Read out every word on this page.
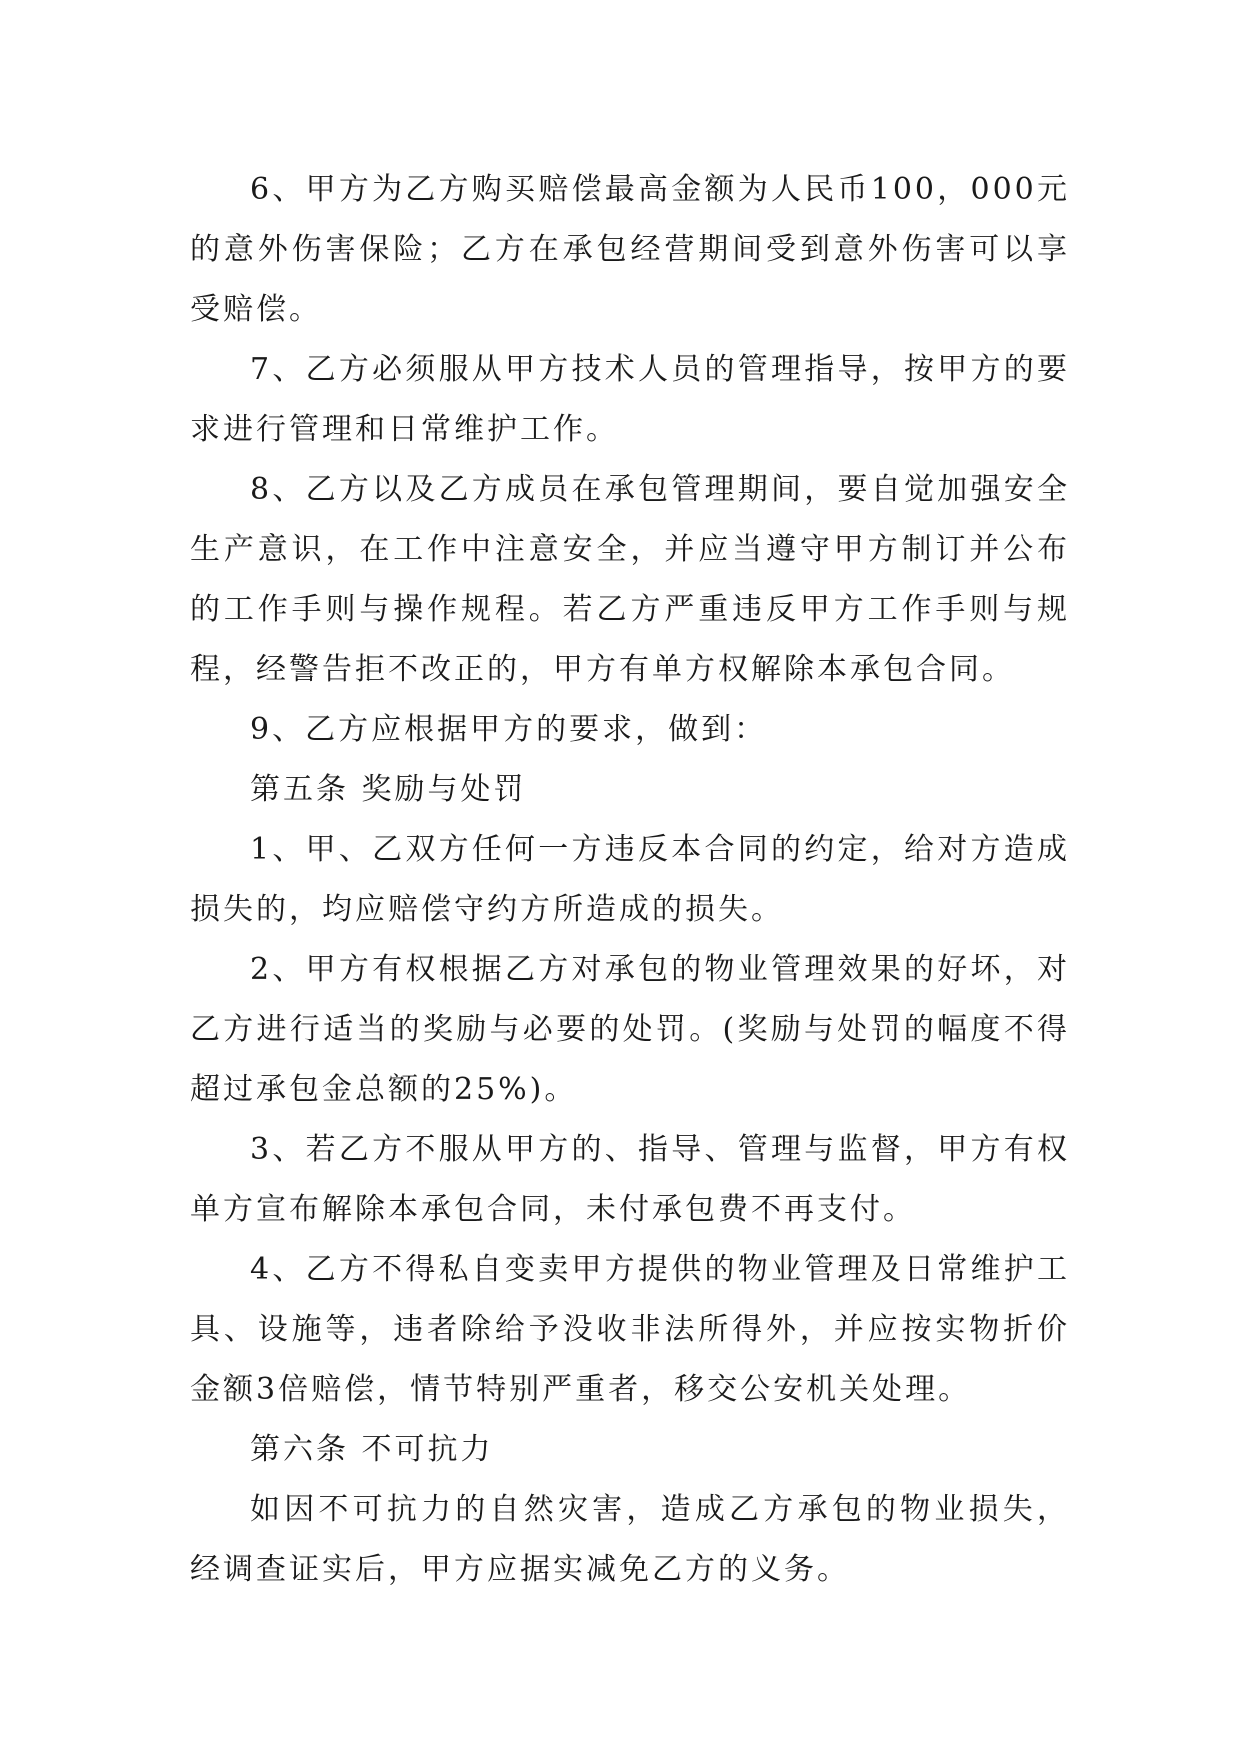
6、甲方为乙方购买赔偿最高金额为人民币100，000元的意外伤害保险；乙方在承包经营期间受到意外伤害可以享受赔偿。

7、乙方必须服从甲方技术人员的管理指导，按甲方的要求进行管理和日常维护工作。

8、乙方以及乙方成员在承包管理期间，要自觉加强安全生产意识，在工作中注意安全，并应当遵守甲方制订并公布的工作手则与操作规程。若乙方严重违反甲方工作手则与规程，经警告拒不改正的，甲方有单方权解除本承包合同。

9、乙方应根据甲方的要求，做到：

第五条 奖励与处罚

1、甲、乙双方任何一方违反本合同的约定，给对方造成损失的，均应赔偿守约方所造成的损失。

2、甲方有权根据乙方对承包的物业管理效果的好坏，对乙方进行适当的奖励与必要的处罚。(奖励与处罚的幅度不得超过承包金总额的25%)。

3、若乙方不服从甲方的、指导、管理与监督，甲方有权单方宣布解除本承包合同，未付承包费不再支付。

4、乙方不得私自变卖甲方提供的物业管理及日常维护工具、设施等，违者除给予没收非法所得外，并应按实物折价金额3倍赔偿，情节特别严重者，移交公安机关处理。

第六条 不可抗力

如因不可抗力的自然灾害，造成乙方承包的物业损失，经调查证实后，甲方应据实减免乙方的义务。
